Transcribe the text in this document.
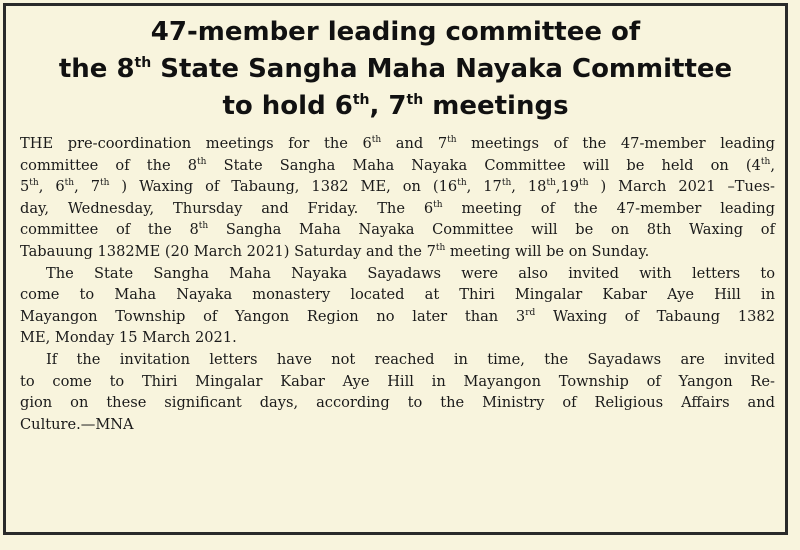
47-member leading committee of
the 8th State Sangha Maha Nayaka Committee
to hold 6th, 7th meetings

THE pre-coordination meetings for the 6th and 7th meetings of the 47-member leading
committee of the 8th State Sangha Maha Nayaka Committee will be held on (4th,
5th, 6th, 7th ) Waxing of Tabaung, 1382 ME, on (16th, 17th, 18th,19th ) March 2021 –Tues-
day, Wednesday, Thursday and Friday. The 6th meeting of the 47-member leading
committee of the 8th Sangha Maha Nayaka Committee will be on 8th Waxing of
Tabauung 1382ME (20 March 2021) Saturday and the 7th meeting will be on Sunday.

The State Sangha Maha Nayaka Sayadaws were also invited with letters to
come to Maha Nayaka monastery located at Thiri Mingalar Kabar Aye Hill in
Mayangon Township of Yangon Region no later than 3rd Waxing of Tabaung 1382
ME, Monday 15 March 2021.

If the invitation letters have not reached in time, the Sayadaws are invited
to come to Thiri Mingalar Kabar Aye Hill in Mayangon Township of Yangon Re-
gion on these significant days, according to the Ministry of Religious Affairs and
Culture.—MNA
